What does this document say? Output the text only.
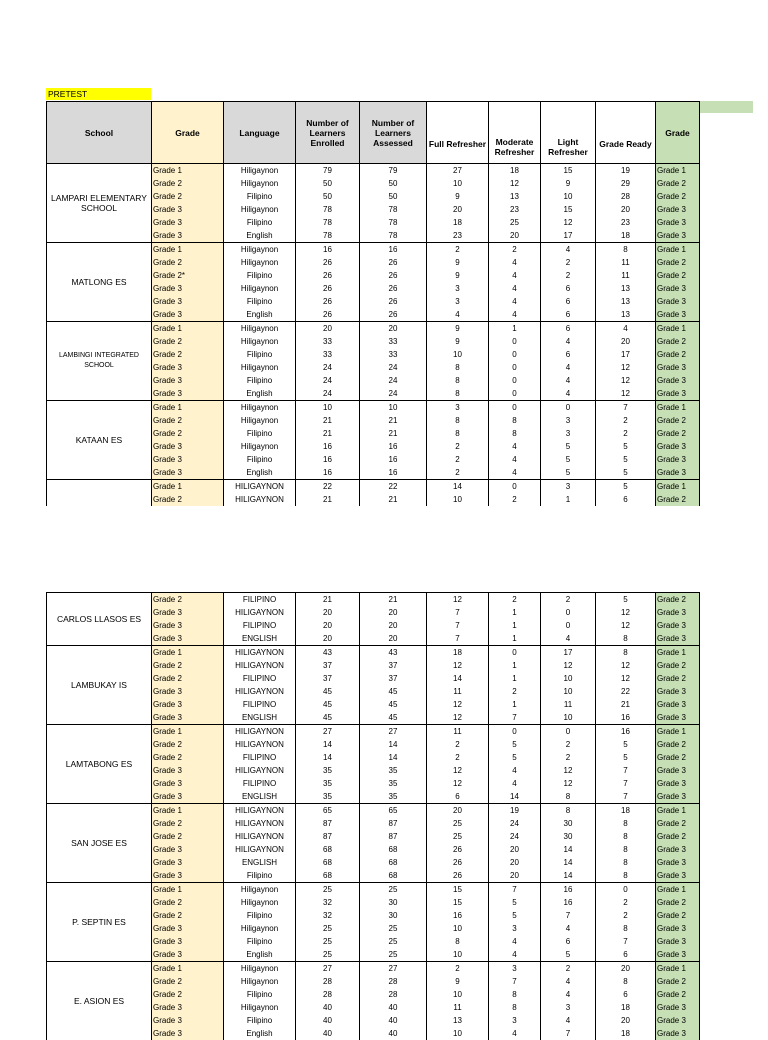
PRETEST
School	Grade	Language	Number of Learners Enrolled	Number of Learners Assessed	Full Refresher	Moderate Refresher	Light Refresher	Grade Ready	Grade
LAMPARI ELEMENTARY SCHOOL	Grade 1	Hiligaynon	79	79	27	18	15	19	Grade 1
	Grade 2	Hiligaynon	50	50	10	12	9	29	Grade 2
	Grade 2	Filipino	50	50	9	13	10	28	Grade 2
	Grade 3	Hiligaynon	78	78	20	23	15	20	Grade 3
	Grade 3	Filipino	78	78	18	25	12	23	Grade 3
	Grade 3	English	78	78	23	20	17	18	Grade 3
MATLONG ES	Grade 1	Hiligaynon	16	16	2	2	4	8	Grade 1
	Grade 2	Hiligaynon	26	26	9	4	2	11	Grade 2
	Grade 2*	Filipino	26	26	9	4	2	11	Grade 2
	Grade 3	Hiligaynon	26	26	3	4	6	13	Grade 3
	Grade 3	Filipino	26	26	3	4	6	13	Grade 3
	Grade 3	English	26	26	4	4	6	13	Grade 3
LAMBINGI INTEGRATED SCHOOL	Grade 1	Hiligaynon	20	20	9	1	6	4	Grade 1
	Grade 2	Hiligaynon	33	33	9	0	4	20	Grade 2
	Grade 2	Filipino	33	33	10	0	6	17	Grade 2
	Grade 3	Hiligaynon	24	24	8	0	4	12	Grade 3
	Grade 3	Filipino	24	24	8	0	4	12	Grade 3
	Grade 3	English	24	24	8	0	4	12	Grade 3
KATAAN ES	Grade 1	Hiligaynon	10	10	3	0	0	7	Grade 1
	Grade 2	Hiligaynon	21	21	8	8	3	2	Grade 2
	Grade 2	Filipino	21	21	8	8	3	2	Grade 2
	Grade 3	Hiligaynon	16	16	2	4	5	5	Grade 3
	Grade 3	Filipino	16	16	2	4	5	5	Grade 3
	Grade 3	English	16	16	2	4	5	5	Grade 3
	Grade 1	HILIGAYNON	22	22	14	0	3	5	Grade 1
	Grade 2	HILIGAYNON	21	21	10	2	1	6	Grade 2
CARLOS LLASOS ES	Grade 2	FILIPINO	21	21	12	2	2	5	Grade 2
	Grade 3	HILIGAYNON	20	20	7	1	0	12	Grade 3
	Grade 3	FILIPINO	20	20	7	1	0	12	Grade 3
	Grade 3	ENGLISH	20	20	7	1	4	8	Grade 3
LAMBUKAY IS	Grade 1	HILIGAYNON	43	43	18	0	17	8	Grade 1
	Grade 2	HILIGAYNON	37	37	12	1	12	12	Grade 2
	Grade 2	FILIPINO	37	37	14	1	10	12	Grade 2
	Grade 3	HILIGAYNON	45	45	11	2	10	22	Grade 3
	Grade 3	FILIPINO	45	45	12	1	11	21	Grade 3
	Grade 3	ENGLISH	45	45	12	7	10	16	Grade 3
LAMTABONG ES	Grade 1	HILIGAYNON	27	27	11	0	0	16	Grade 1
	Grade 2	HILIGAYNON	14	14	2	5	2	5	Grade 2
	Grade 2	FILIPINO	14	14	2	5	2	5	Grade 2
	Grade 3	HILIGAYNON	35	35	12	4	12	7	Grade 3
	Grade 3	FILIPINO	35	35	12	4	12	7	Grade 3
	Grade 3	ENGLISH	35	35	6	14	8	7	Grade 3
SAN JOSE ES	Grade 1	HILIGAYNON	65	65	20	19	8	18	Grade 1
	Grade 2	HILIGAYNON	87	87	25	24	30	8	Grade 2
	Grade 2	HILIGAYNON	87	87	25	24	30	8	Grade 2
	Grade 3	HILIGAYNON	68	68	26	20	14	8	Grade 3
	Grade 3	ENGLISH	68	68	26	20	14	8	Grade 3
	Grade 3	Filipino	68	68	26	20	14	8	Grade 3
P. SEPTIN ES	Grade 1	Hiligaynon	25	25	15	7	16	0	Grade 1
	Grade 2	Hiligaynon	32	30	15	5	16	2	Grade 2
	Grade 2	Filipino	32	30	16	5	7	2	Grade 2
	Grade 3	Hiligaynon	25	25	10	3	4	8	Grade 3
	Grade 3	Filipino	25	25	8	4	6	7	Grade 3
	Grade 3	English	25	25	10	4	5	6	Grade 3
E. ASION ES	Grade 1	Hiligaynon	27	27	2	3	2	20	Grade 1
	Grade 2	Hiligaynon	28	28	9	7	4	8	Grade 2
	Grade 2	Filipino	28	28	10	8	4	6	Grade 2
	Grade 3	Hiligaynon	40	40	11	8	3	18	Grade 3
	Grade 3	Filipino	40	40	13	3	4	20	Grade 3
	Grade 3	English	40	40	10	4	7	18	Grade 3
